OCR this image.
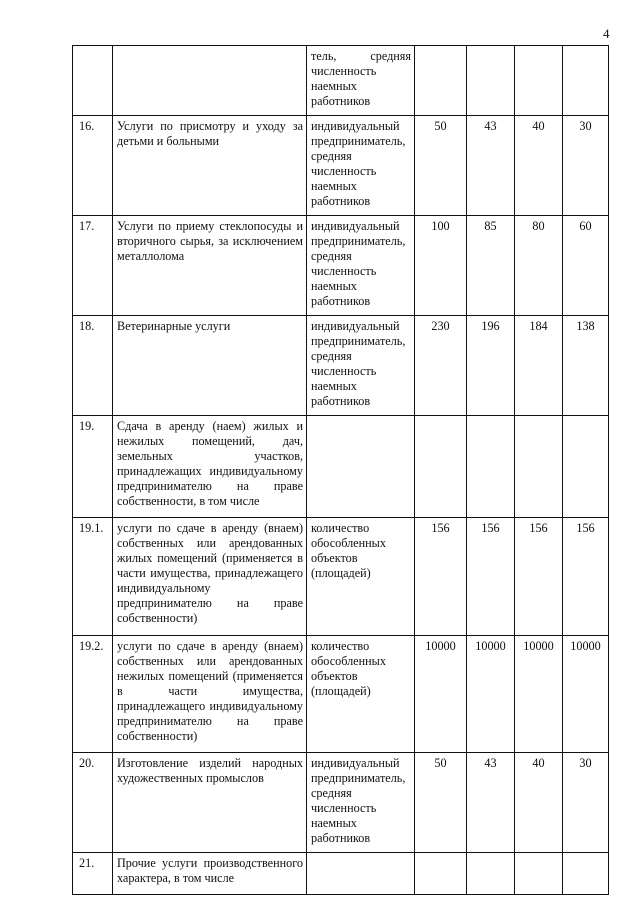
4
		тель, средняя численность наемных работников				
16.	Услуги по присмотру и уходу за детьми и больными	индивидуальный предприниматель, средняя численность наемных работников	50	43	40	30
17.	Услуги по приему стеклопосуды и вторичного сырья, за исключением металлолома	индивидуальный предприниматель, средняя численность наемных работников	100	85	80	60
18.	Ветеринарные услуги	индивидуальный предприниматель, средняя численность наемных работников	230	196	184	138
19.	Сдача в аренду (наем) жилых и нежилых помещений, дач, земельных участков, принадлежащих индивидуальному предпринимателю на праве собственности, в том числе					
19.1.	услуги по сдаче в аренду (внаем) собственных или арендованных жилых помещений (применяется в части имущества, принадлежащего индивидуальному предпринимателю на праве собственности)	количество обособленных объектов (площадей)	156	156	156	156
19.2.	услуги по сдаче в аренду (внаем) собственных или арендованных нежилых помещений (применяется в части имущества, принадлежащего индивидуальному предпринимателю на праве собственности)	количество обособленных объектов (площадей)	10000	10000	10000	10000
20.	Изготовление изделий народных художественных промыслов	индивидуальный предприниматель, средняя численность наемных работников	50	43	40	30
21.	Прочие услуги производственного характера, в том числе					
